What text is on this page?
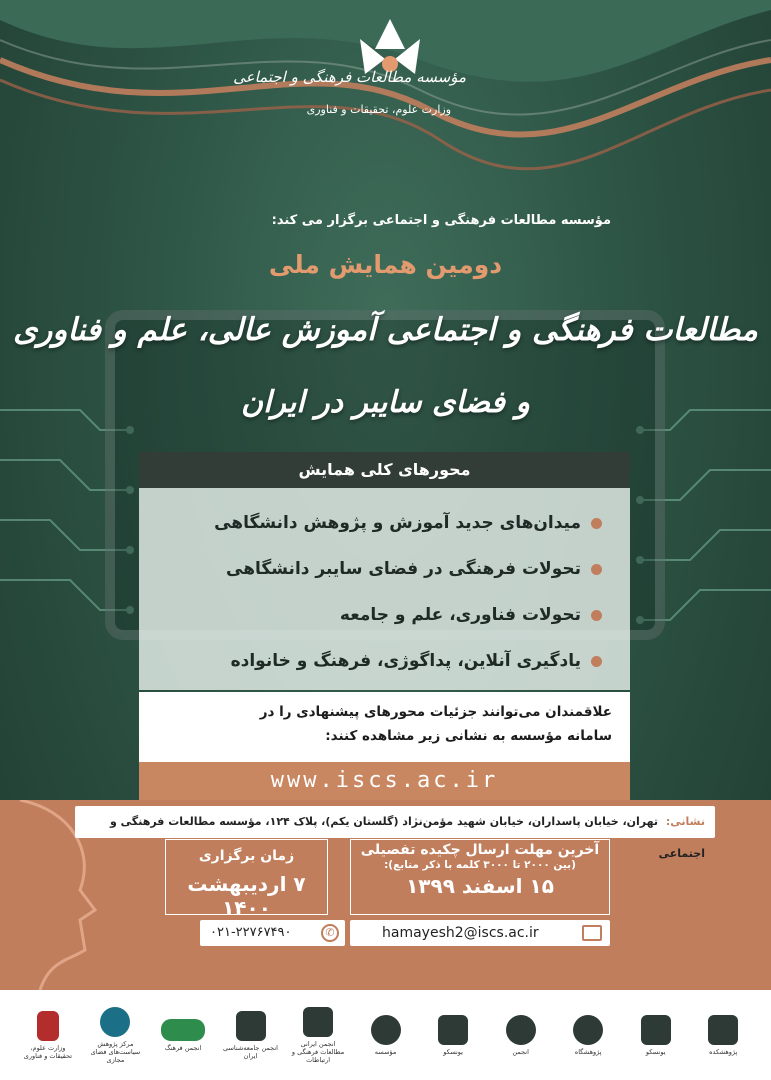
مؤسسه مطالعات فرهنگی و اجتماعی
وزارت علوم، تحقیقات و فناوری
مؤسسه مطالعات فرهنگی و اجتماعی برگزار می کند:
دومین همایش ملی
مطالعات فرهنگی و اجتماعی آموزش عالی، علم و فناوری
و فضای سایبر در ایران
محورهای کلی همایش
میدان‌های جدید آموزش و پژوهش دانشگاهی
تحولات فرهنگی در فضای سایبر دانشگاهی
تحولات فناوری، علم و جامعه
یادگیری آنلاین، پداگوژی، فرهنگ و خانواده
علاقمندان می‌توانند جزئیات محورهای پیشنهادی را در
سامانه مؤسسه به نشانی زیر مشاهده کنند:
www.iscs.ac.ir
نشانی: تهران، خیابان پاسداران، خیابان شهید مؤمن‌نژاد (گلستان یکم)، پلاک ۱۲۴، مؤسسه مطالعات فرهنگی و اجتماعی
آخرین مهلت ارسال چکیده تفصیلی
(بین ۲۰۰۰ تا ۳۰۰۰ کلمه با ذکر منابع):
۱۵ اسفند ۱۳۹۹
زمان برگزاری
۷ اردیبهشت ۱۴۰۰
hamayesh2@iscs.ac.ir
۰۲۱-۲۲۷۶۷۴۹۰	✆
وزارت علوم، تحقیقات و فناوری
مرکز پژوهش سیاست‌های فضای مجازی
انجمن فرهنگ	انجمن جامعه‌شناسی ایران
انجمن ایرانی مطالعات فرهنگی و ارتباطات
مؤسسه	یونسکو	انجمن	پژوهشگاه	یونسکو	پژوهشکده
